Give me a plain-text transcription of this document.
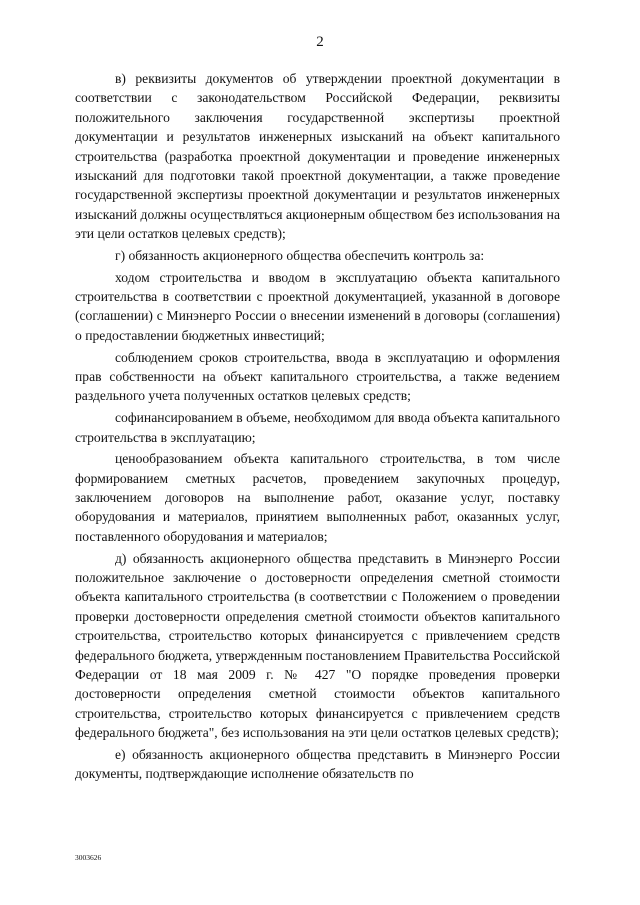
2

в) реквизиты документов об утверждении проектной документации в соответствии с законодательством Российской Федерации, реквизиты положительного заключения государственной экспертизы проектной документации и результатов инженерных изысканий на объект капитального строительства (разработка проектной документации и проведение инженерных изысканий для подготовки такой проектной документации, а также проведение государственной экспертизы проектной документации и результатов инженерных изысканий должны осуществляться акционерным обществом без использования на эти цели остатков целевых средств);

г) обязанность акционерного общества обеспечить контроль за:

ходом строительства и вводом в эксплуатацию объекта капитального строительства в соответствии с проектной документацией, указанной в договоре (соглашении) с Минэнерго России о внесении изменений в договоры (соглашения) о предоставлении бюджетных инвестиций;

соблюдением сроков строительства, ввода в эксплуатацию и оформления прав собственности на объект капитального строительства, а также ведением раздельного учета полученных остатков целевых средств;

софинансированием в объеме, необходимом для ввода объекта капитального строительства в эксплуатацию;

ценообразованием объекта капитального строительства, в том числе формированием сметных расчетов, проведением закупочных процедур, заключением договоров на выполнение работ, оказание услуг, поставку оборудования и материалов, принятием выполненных работ, оказанных услуг, поставленного оборудования и материалов;

д) обязанность акционерного общества представить в Минэнерго России положительное заключение о достоверности определения сметной стоимости объекта капитального строительства (в соответствии с Положением о проведении проверки достоверности определения сметной стоимости объектов капитального строительства, строительство которых финансируется с привлечением средств федерального бюджета, утвержденным постановлением Правительства Российской Федерации от 18 мая 2009 г. № 427 "О порядке проведения проверки достоверности определения сметной стоимости объектов капитального строительства, строительство которых финансируется с привлечением средств федерального бюджета", без использования на эти цели остатков целевых средств);

е) обязанность акционерного общества представить в Минэнерго России документы, подтверждающие исполнение обязательств по

3003626
